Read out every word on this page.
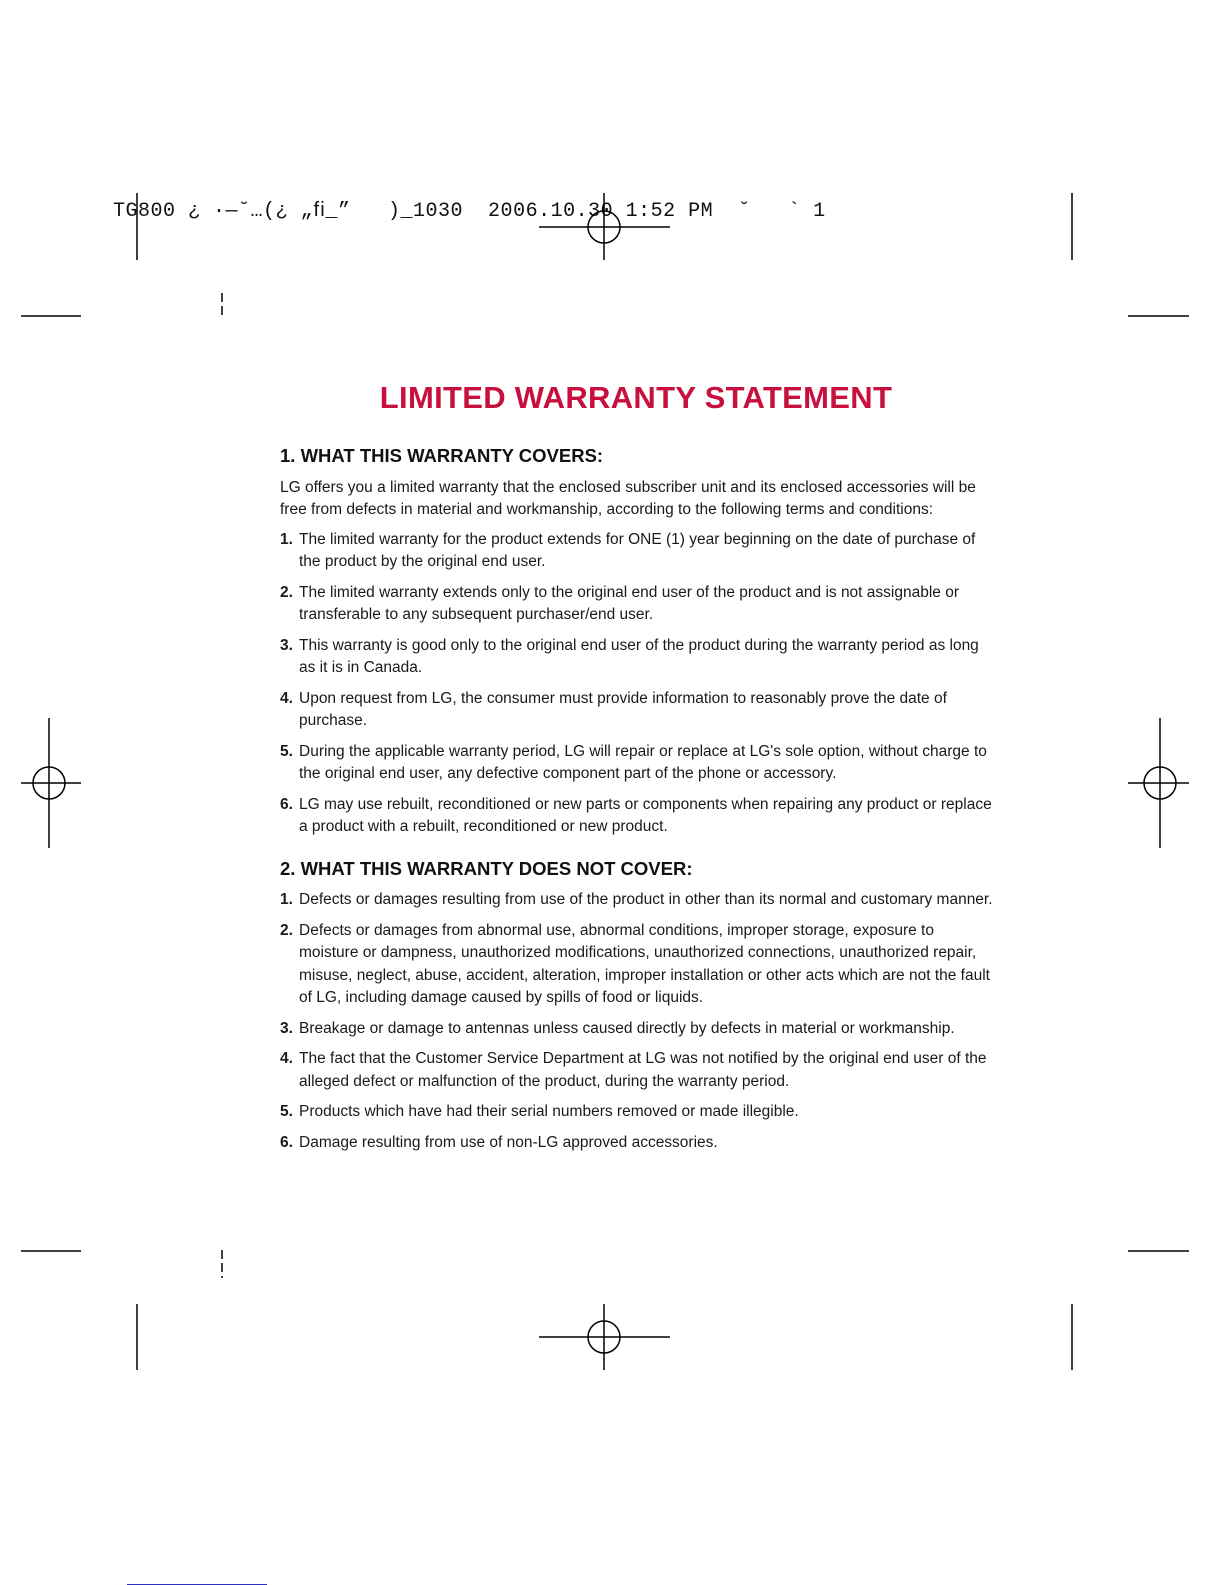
TG800 ¿ ·—˘…(¿ „ﬁ_”   )_1030  2006.10.30 1:52 PM  ˘   ` 1
LIMITED WARRANTY STATEMENT
1. WHAT THIS WARRANTY COVERS:

LG offers you a limited warranty that the enclosed subscriber unit and its enclosed accessories will be free from defects in material and workmanship, according to the following terms and conditions:

1. The limited warranty for the product extends for ONE (1) year beginning on the date of purchase of the product by the original end user.
2. The limited warranty extends only to the original end user of the product and is not assignable or transferable to any subsequent purchaser/end user.
3. This warranty is good only to the original end user of the product during the warranty period as long as it is in Canada.
4. Upon request from LG, the consumer must provide information to reasonably prove the date of purchase.
5. During the applicable warranty period, LG will repair or replace at LG's sole option, without charge to the original end user, any defective component part of the phone or accessory.
6. LG may use rebuilt, reconditioned or new parts or components when repairing any product or replace a product with a rebuilt, reconditioned or new product.
2. WHAT THIS WARRANTY DOES NOT COVER:
1. Defects or damages resulting from use of the product in other than its normal and customary manner.
2. Defects or damages from abnormal use, abnormal conditions, improper storage, exposure to moisture or dampness, unauthorized modifications, unauthorized connections, unauthorized repair, misuse, neglect, abuse, accident, alteration, improper installation or other acts which are not the fault of LG, including damage caused by spills of food or liquids.
3. Breakage or damage to antennas unless caused directly by defects in material or workmanship.
4. The fact that the Customer Service Department at LG was not notified by the original end user of the alleged defect or malfunction of the product, during the warranty period.
5. Products which have had their serial numbers removed or made illegible.
6. Damage resulting from use of non-LG approved accessories.
